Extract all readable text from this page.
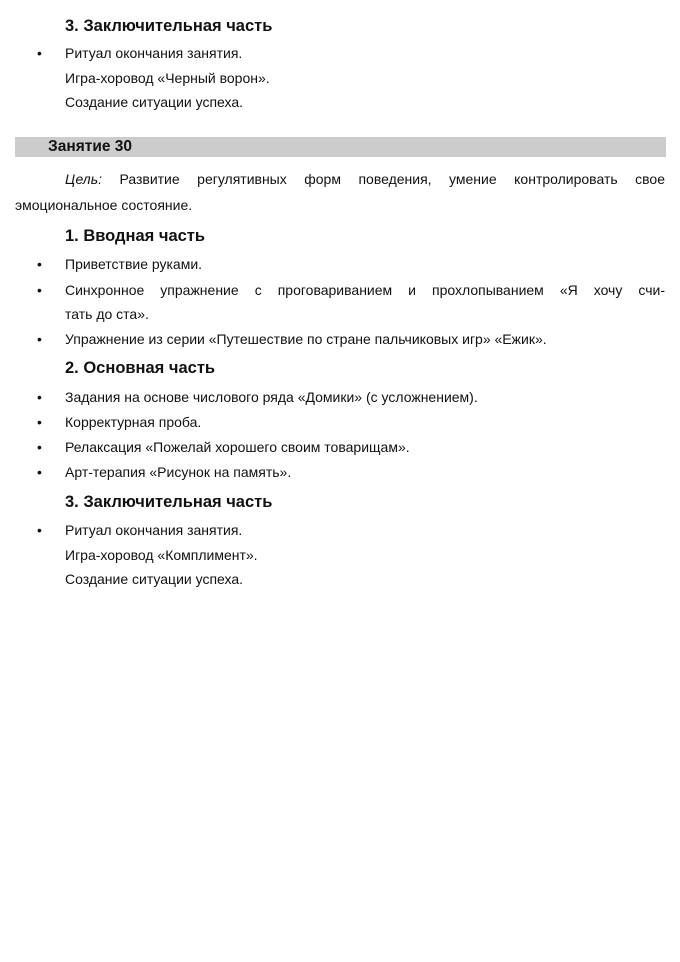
3. Заключительная часть
• Ритуал окончания занятия.
Игра-хоровод «Черный ворон».
Создание ситуации успеха.
Занятие 30
Цель: Развитие регулятивных форм поведения, умение контролировать свое
эмоциональное состояние.
1. Вводная часть
• Приветствие руками.
• Синхронное упражнение с проговариванием и прохлопыванием «Я хочу счи-
тать до ста».
• Упражнение из серии «Путешествие по стране пальчиковых игр» «Ежик».
2. Основная часть
• Задания на основе числового ряда «Домики» (с усложнением).
• Корректурная проба.
• Релаксация «Пожелай хорошего своим товарищам».
• Арт-терапия «Рисунок на память».
3. Заключительная часть
• Ритуал окончания занятия.
Игра-хоровод «Комплимент».
Создание ситуации успеха.
